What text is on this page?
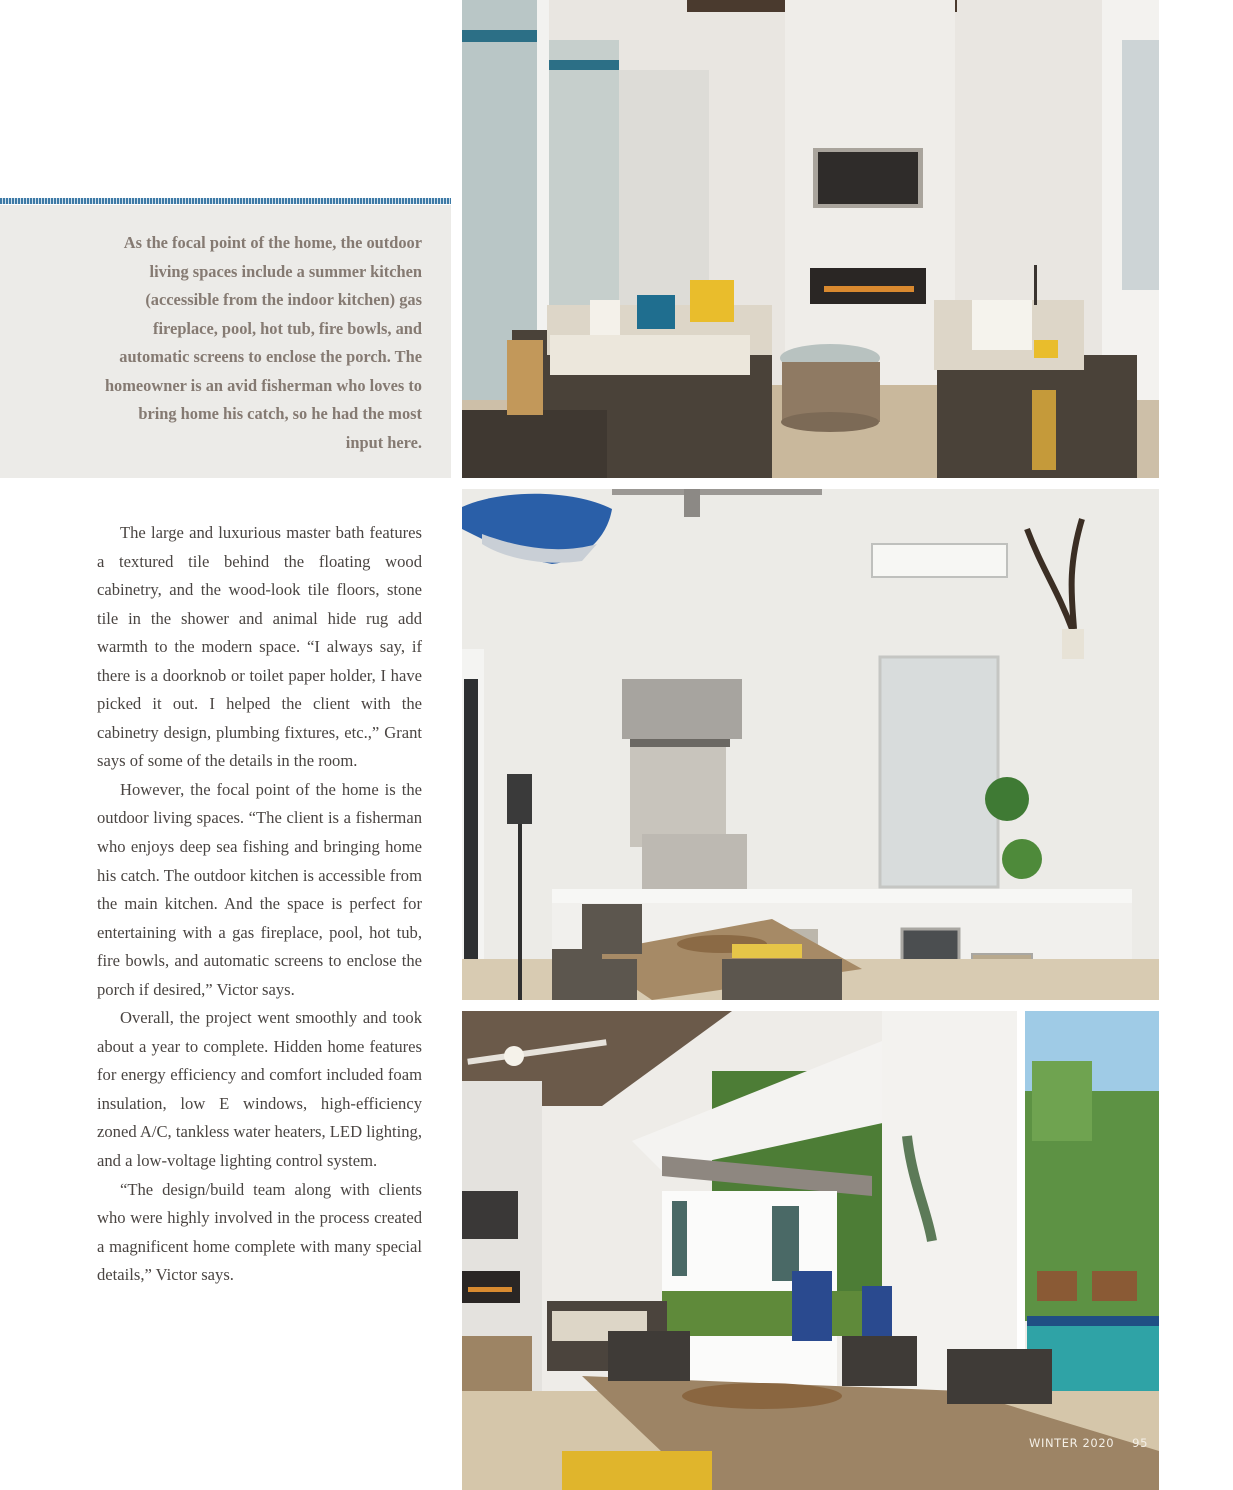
As the focal point of the home, the outdoor living spaces include a summer kitchen (accessible from the indoor kitchen) gas fireplace, pool, hot tub, fire bowls, and automatic screens to enclose the porch. The homeowner is an avid fisherman who loves to bring home his catch, so he had the most input here.

The large and luxurious master bath features a textured tile behind the floating wood cabinetry, and the wood-look tile floors, stone tile in the shower and animal hide rug add warmth to the modern space. “I always say, if there is a doorknob or toilet paper holder, I have picked it out. I helped the client with the cabinetry design, plumbing fixtures, etc.,” Grant says of some of the details in the room.

However, the focal point of the home is the outdoor living spaces. “The client is a fisherman who enjoys deep sea fishing and bringing home his catch. The outdoor kitchen is accessible from the main kitchen. And the space is perfect for entertaining with a gas fireplace, pool, hot tub, fire bowls, and automatic screens to enclose the porch if desired,” Victor says.

Overall, the project went smoothly and took about a year to complete. Hidden home features for energy efficiency and comfort included foam insulation, low E windows, high-efficiency zoned A/C, tankless water heaters, LED lighting, and a low-voltage lighting control system.

“The design/build team along with clients who were highly involved in the process created a magnificent home complete with many special details,” Victor says.

WINTER 2020 95
